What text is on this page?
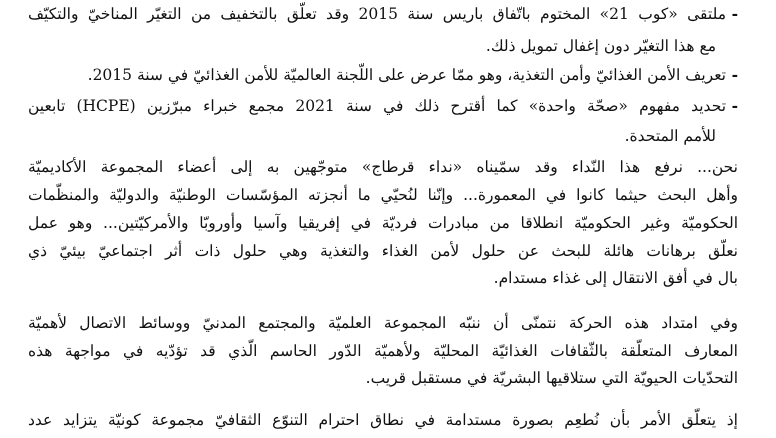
-ملتقى «كوب 21» المختوم باتّفاق باريس سنة 2015 وقد تعلّق بالتخفيف من التغيّر المناخيّ والتكيّف
مع هذا التغيّر دون إغفال تمويل ذلك.
-تعريف الأمن الغذائيّ وأمن التغذية، وهو ممّا عرض على اللّجنة العالميّة للأمن الغذائيّ في سنة 2015.
-تحديد مفهوم «صحّة واحدة» كما أقترح ذلك في سنة 2021 مجمع خبراء مبرّزين (HCPE) تابعين
للأمم المتحدة.
نحن... نرفع هذا النّداء وقد سمّيناه «نداء قرطاج» متوجّهين به إلى أعضاء المجموعة الأكاديميّة
وأهل البحث حيثما كانوا في المعمورة... وإنّنا لنُحيّي ما أنجزته المؤسّسات الوطنيّة والدوليّة والمنظّمات
الحكوميّة وغير الحكوميّة انطلاقا من مبادرات فرديّة في إفريقيا وآسيا وأوروبّا والأمركيّتين... وهو عمل
نعلّق برهانات هائلة للبحث عن حلول لأمن الغذاء والتغذية وهي حلول ذات أثر اجتماعيّ بيئيّ ذي
بال في أفق الانتقال إلى غذاء مستدام.
وفي امتداد هذه الحركة نتمنّى أن ننبّه المجموعة العلميّة والمجتمع المدنيّ ووسائط الاتصال لأهميّة
المعارف المتعلّقة بالثّقافات الغذائيّة المحليّة ولأهميّة الدّور الحاسم الّذي قد تؤدّيه في مواجهة هذه
التحدّيات الحيويّة التي ستلاقيها البشريّة في مستقبل قريب.
إذ يتعلّق الأمر بأن نُطعِم بصورة مستدامة في نطاق احترام التنوّع الثقافيّ مجموعة كونيّة يتزايد عدد
